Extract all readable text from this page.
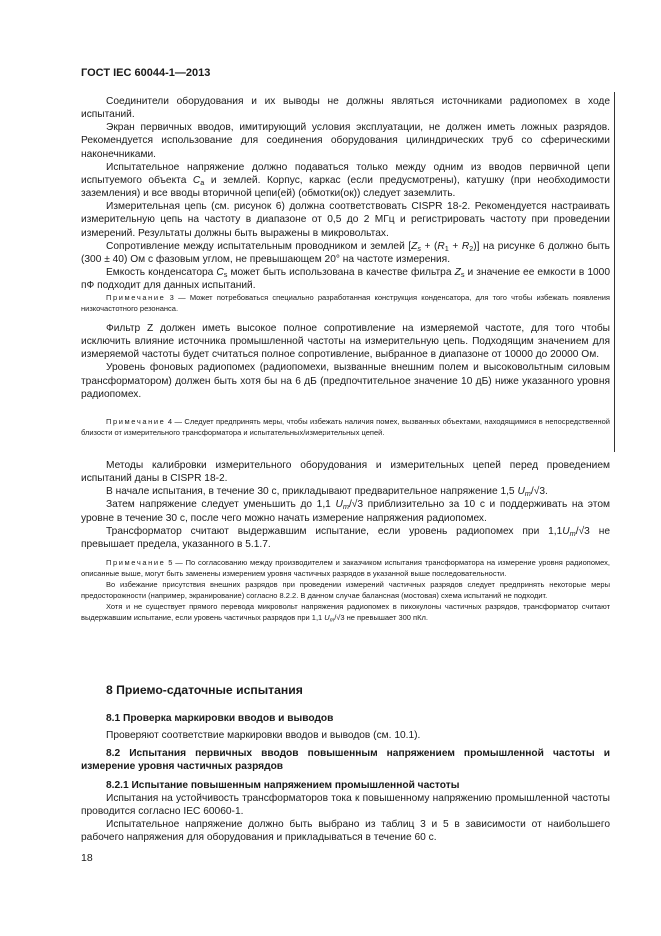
ГОСТ IEC 60044-1—2013

Соединители оборудования и их выводы не должны являться источниками радиопомех в ходе испытаний.

Экран первичных вводов, имитирующий условия эксплуатации, не должен иметь ложных разрядов. Рекомендуется использование для соединения оборудования цилиндрических труб со сферическими наконечниками.

Испытательное напряжение должно подаваться только между одним из вводов первичной цепи испытуемого объекта $C_a$ и землей. Корпус, каркас (если предусмотрены), катушку (при необходимости заземления) и все вводы вторичной цепи(ей) (обмотки(ок)) следует заземлить.

Измерительная цепь (см. рисунок 6) должна соответствовать CISPR 18-2. Рекомендуется настраивать измерительную цепь на частоту в диапазоне от 0,5 до 2 МГц и регистрировать частоту при проведении измерений. Результаты должны быть выражены в микровольтах.

Сопротивление между испытательным проводником и землей $[Z_s + (R_1 + R_2)]$ на рисунке 6 должно быть (300 ± 40) Ом с фазовым углом, не превышающем 20° на частоте измерения.

Емкость конденсатора $C_s$ может быть использована в качестве фильтра $Z_s$ и значение ее емкости в 1000 пФ подходит для данных испытаний.

Примечание 3 — Может потребоваться специально разработанная конструкция конденсатора, для того чтобы избежать появления низкочастотного резонанса.

Фильтр Z должен иметь высокое полное сопротивление на измеряемой частоте, для того чтобы исключить влияние источника промышленной частоты на измерительную цепь. Подходящим значением для измеряемой частоты будет считаться полное сопротивление, выбранное в диапазоне от 10000 до 20000 Ом.

Уровень фоновых радиопомех (радиопомехи, вызванные внешним полем и высоковольтным силовым трансформатором) должен быть хотя бы на 6 дБ (предпочтительное значение 10 дБ) ниже указанного уровня радиопомех.

Примечание 4 — Следует предпринять меры, чтобы избежать наличия помех, вызванных объектами, находящимися в непосредственной близости от измерительного трансформатора и испытательных/измерительных цепей.

Методы калибровки измерительного оборудования и измерительных цепей перед проведением испытаний даны в CISPR 18-2.

В начале испытания, в течение 30 с, прикладывают предварительное напряжение 1,5 $U_m/√3$.

Затем напряжение следует уменьшить до 1,1 $U_m/√3$ приблизительно за 10 с и поддерживать на этом уровне в течение 30 с, после чего можно начать измерение напряжения радиопомех.

Трансформатор считают выдержавшим испытание, если уровень радиопомех при $1,1U_m/√3$ не превышает предела, указанного в 5.1.7.

Примечание 5 — По согласованию между производителем и заказчиком испытания трансформатора на измерение уровня радиопомех, описанные выше, могут быть заменены измерением уровня частичных разрядов в указанной выше последовательности.

Во избежание присутствия внешних разрядов при проведении измерений частичных разрядов следует предпринять некоторые меры предосторожности (например, экранирование) согласно 8.2.2. В данном случае балансная (мостовая) схема испытаний не подходит.

Хотя и не существует прямого перевода микровольт напряжения радиопомех в пикокулоны частичных разрядов, трансформатор считают выдержавшим испытание, если уровень частичных разрядов при 1,1 $U_m/√3$ не превышает 300 пКл.

8 Приемо-сдаточные испытания

8.1 Проверка маркировки вводов и выводов

Проверяют соответствие маркировки вводов и выводов (см. 10.1).

8.2 Испытания первичных вводов повышенным напряжением промышленной частоты и измерение уровня частичных разрядов

8.2.1 Испытание повышенным напряжением промышленной частоты

Испытания на устойчивость трансформаторов тока к повышенному напряжению промышленной частоты проводится согласно IEC 60060-1.

Испытательное напряжение должно быть выбрано из таблиц 3 и 5 в зависимости от наибольшего рабочего напряжения для оборудования и прикладываться в течение 60 с.

18
